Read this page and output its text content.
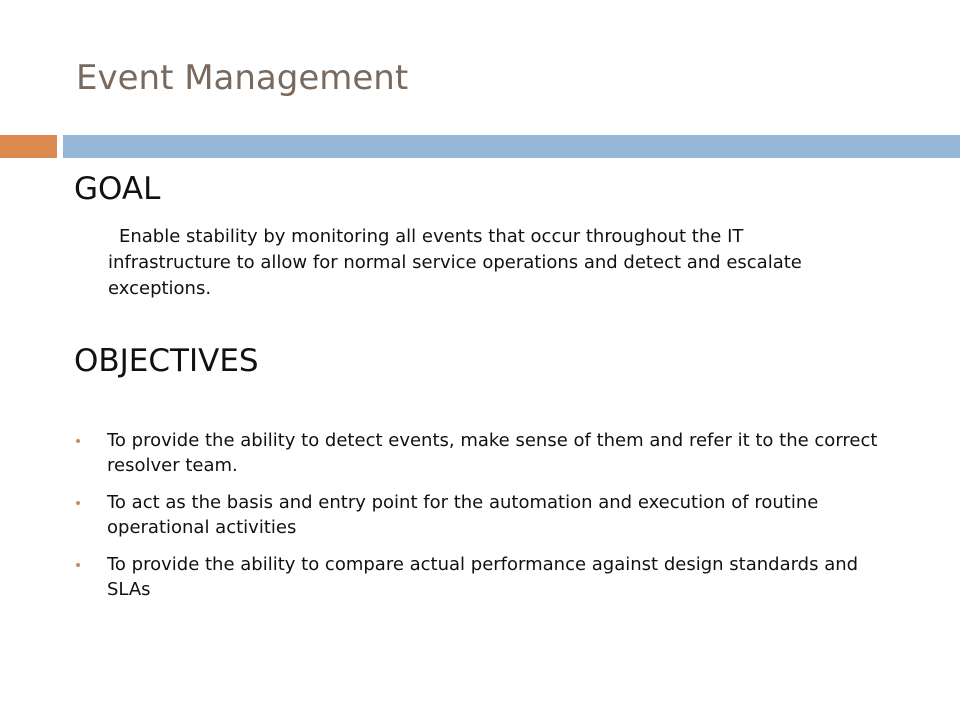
Event Management
GOAL

Enable stability by monitoring all events that occur throughout the IT infrastructure to allow for normal service operations and detect and escalate exceptions.

OBJECTIVES
To provide the ability to detect events, make sense of them and refer it to the correct resolver team.
To act as the basis and entry point for the automation and execution of routine operational activities
To provide the ability to compare actual performance against design standards and SLAs
